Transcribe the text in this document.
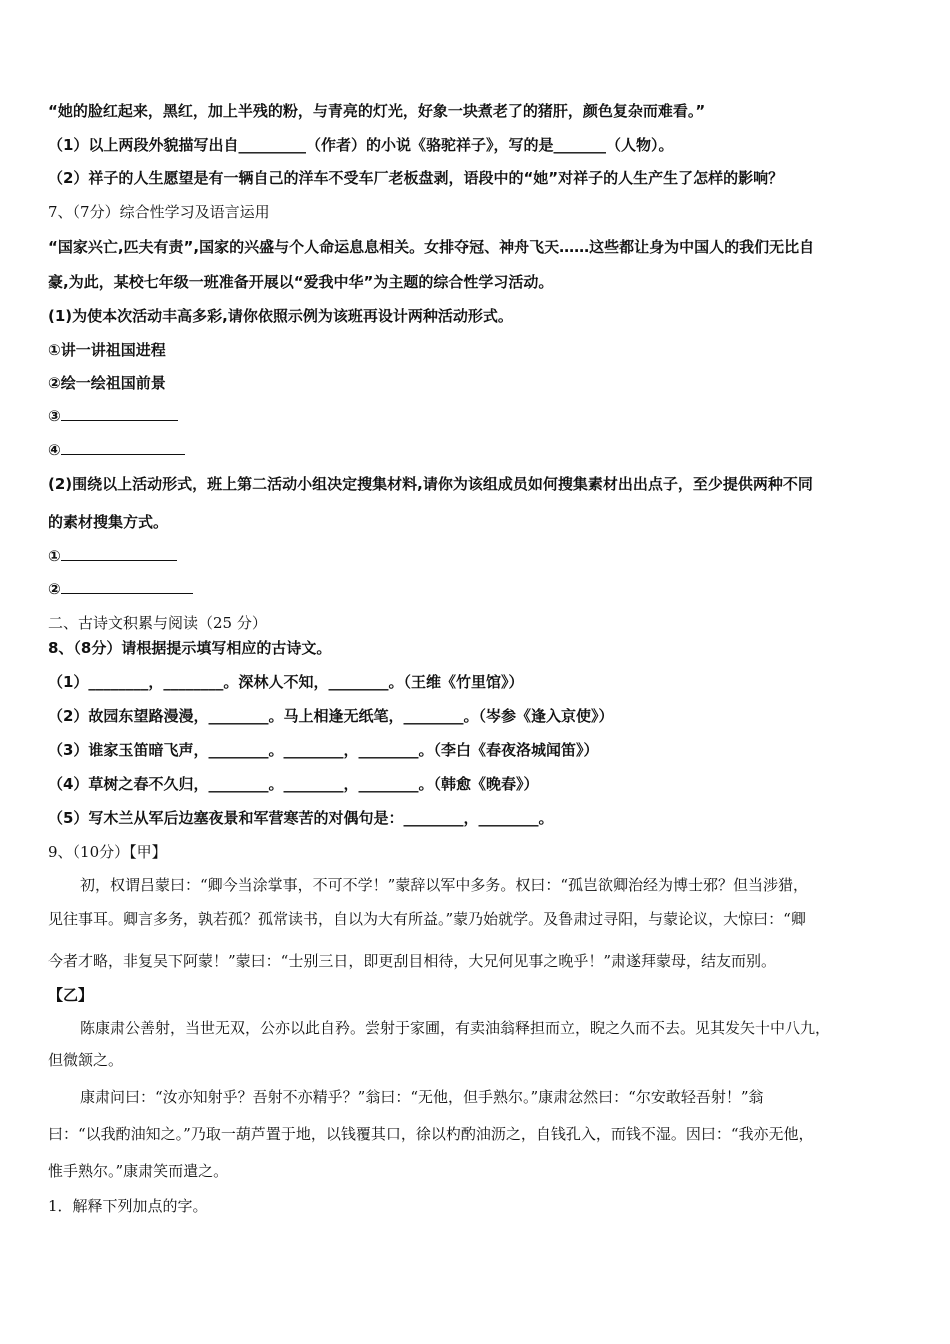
“她的脸红起来，黑红，加上半残的粉，与青亮的灯光，好象一块煮老了的猪肝，颜色复杂而难看。”
（1）以上两段外貌描写出自_________（作者）的小说《骆驼祥子》，写的是_______（人物）。
（2）祥子的人生愿望是有一辆自己的洋车不受车厂老板盘剥，语段中的“她”对祥子的人生产生了怎样的影响？
7、（7分）综合性学习及语言运用
“国家兴亡,匹夫有责”,国家的兴盛与个人命运息息相关。女排夺冠、神舟飞天……这些都让身为中国人的我们无比自
豪,为此，某校七年级一班准备开展以“爱我中华”为主题的综合性学习活动。
(1)为使本次活动丰高多彩,请你依照示例为该班再设计两种活动形式。
①讲一讲祖国进程
②绘一绘祖国前景
③
④
(2)围绕以上活动形式，班上第二活动小组决定搜集材料,请你为该组成员如何搜集素材出出点子，至少提供两种不同
的素材搜集方式。
①
②
二、古诗文积累与阅读（25 分）
8、（8分）请根据提示填写相应的古诗文。
（1）________，________。深林人不知，________。（王维《竹里馆》）
（2）故园东望路漫漫，________。马上相逢无纸笔，________。（岑参《逢入京使》）
（3）谁家玉笛暗飞声，________。________，________。（李白《春夜洛城闻笛》）
（4）草树之春不久归，________。________，________。（韩愈《晚春》）
（5）写木兰从军后边塞夜景和军营寒苦的对偶句是：________，________。
9、（10分）【甲】
初，权谓吕蒙曰：“卿今当涂掌事，不可不学！”蒙辞以军中多务。权曰：“孤岂欲卿治经为博士邪？但当涉猎，
见往事耳。卿言多务，孰若孤？孤常读书，自以为大有所益。”蒙乃始就学。及鲁肃过寻阳，与蒙论议，大惊曰：“卿
今者才略，非复吴下阿蒙！”蒙曰：“士别三日，即更刮目相待，大兄何见事之晚乎！”肃遂拜蒙母，结友而别。
【乙】
陈康肃公善射，当世无双，公亦以此自矜。尝射于家圃，有卖油翁释担而立，睨之久而不去。见其发矢十中八九，
但微颔之。
康肃问曰：“汝亦知射乎？吾射不亦精乎？”翁曰：“无他，但手熟尔。”康肃忿然曰：“尔安敢轻吾射！”翁
曰：“以我酌油知之。”乃取一葫芦置于地，以钱覆其口，徐以杓酌油沥之，自钱孔入，而钱不湿。因曰：“我亦无他，
惟手熟尔。”康肃笑而遣之。
1．解释下列加点的字。
